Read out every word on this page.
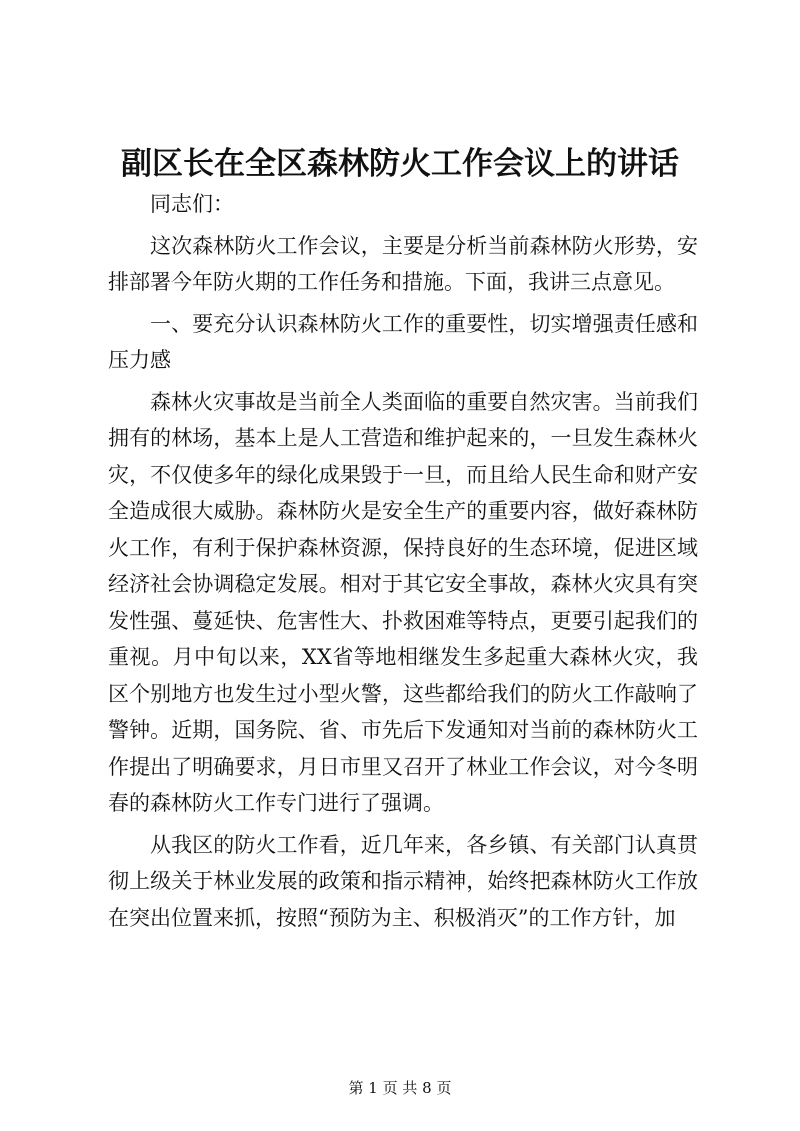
副区长在全区森林防火工作会议上的讲话

同志们：

这次森林防火工作会议，主要是分析当前森林防火形势，安排部署今年防火期的工作任务和措施。下面，我讲三点意见。

一、要充分认识森林防火工作的重要性，切实增强责任感和压力感

森林火灾事故是当前全人类面临的重要自然灾害。当前我们拥有的林场，基本上是人工营造和维护起来的，一旦发生森林火灾，不仅使多年的绿化成果毁于一旦，而且给人民生命和财产安全造成很大威胁。森林防火是安全生产的重要内容，做好森林防火工作，有利于保护森林资源，保持良好的生态环境，促进区域经济社会协调稳定发展。相对于其它安全事故，森林火灾具有突发性强、蔓延快、危害性大、扑救困难等特点，更要引起我们的重视。月中旬以来，XX省等地相继发生多起重大森林火灾，我区个别地方也发生过小型火警，这些都给我们的防火工作敲响了警钟。近期，国务院、省、市先后下发通知对当前的森林防火工作提出了明确要求，月日市里又召开了林业工作会议，对今冬明春的森林防火工作专门进行了强调。

从我区的防火工作看，近几年来，各乡镇、有关部门认真贯彻上级关于林业发展的政策和指示精神，始终把森林防火工作放在突出位置来抓，按照“预防为主、积极消灭”的工作方针，加

第 1 页 共 8 页
